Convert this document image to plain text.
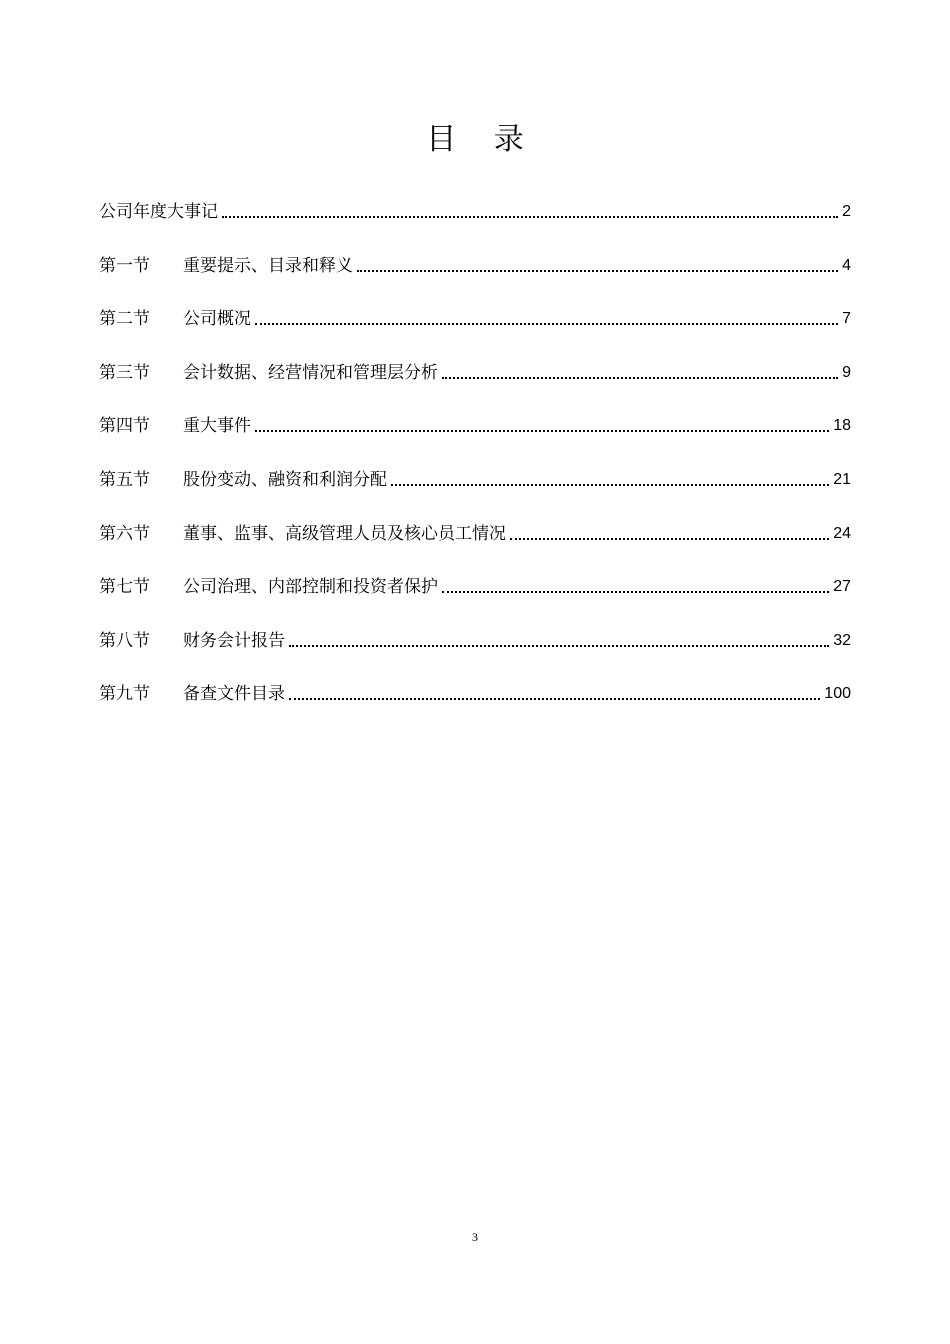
目 录
公司年度大事记	2
第一节	重要提示、目录和释义	4
第二节	公司概况	7
第三节	会计数据、经营情况和管理层分析	9
第四节	重大事件	18
第五节	股份变动、融资和利润分配	21
第六节	董事、监事、高级管理人员及核心员工情况	24
第七节	公司治理、内部控制和投资者保护	27
第八节	财务会计报告	32
第九节	备查文件目录	100
3
